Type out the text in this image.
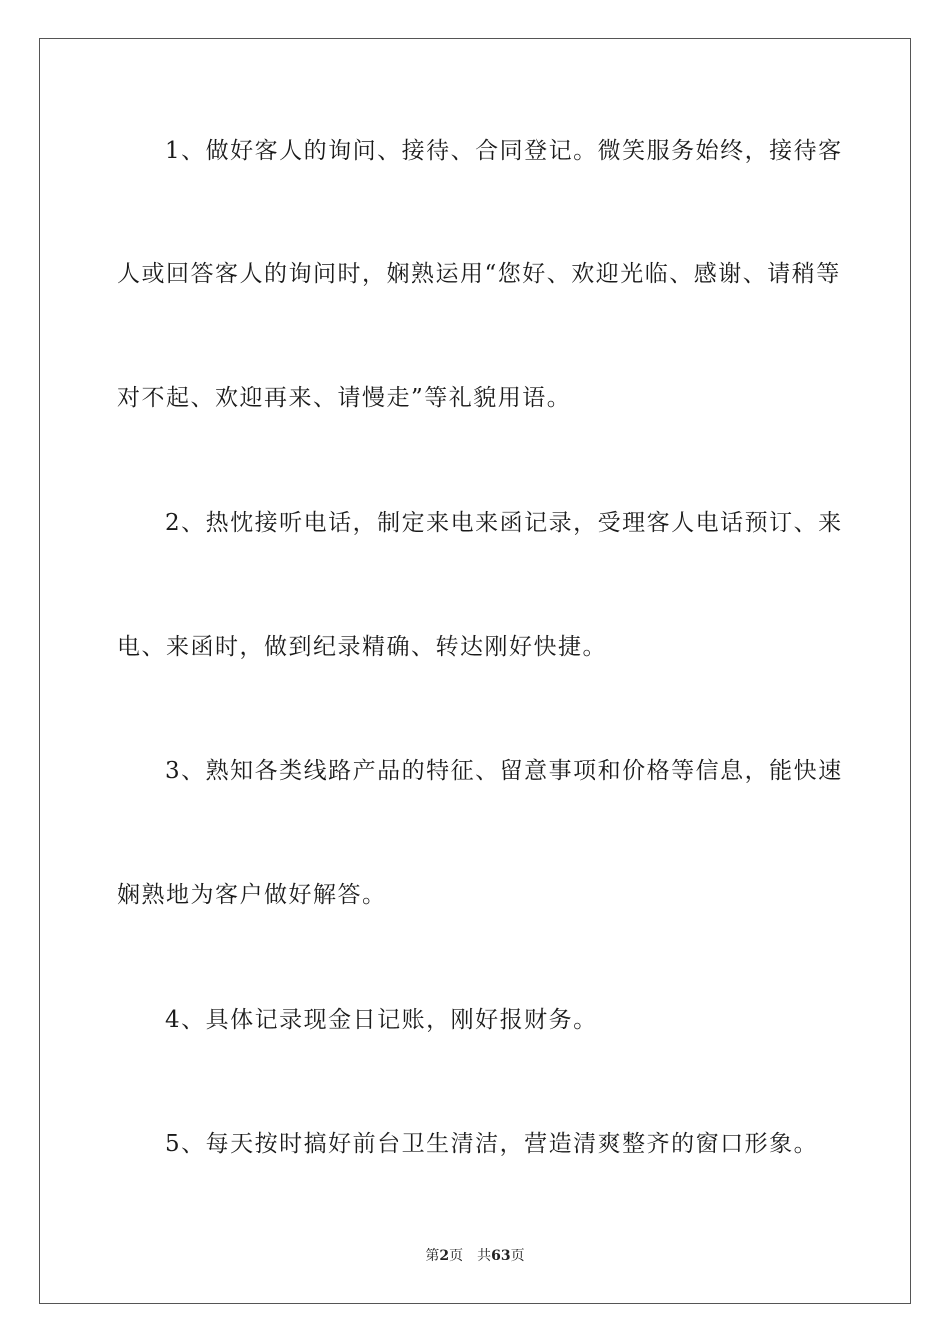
1、做好客人的询问、接待、合同登记。微笑服务始终，接待客
人或回答客人的询问时，娴熟运用“您好、欢迎光临、感谢、请稍等
对不起、欢迎再来、请慢走”等礼貌用语。
2、热忱接听电话，制定来电来函记录，受理客人电话预订、来
电、来函时，做到纪录精确、转达刚好快捷。
3、熟知各类线路产品的特征、留意事项和价格等信息，能快速
娴熟地为客户做好解答。
4、具体记录现金日记账，刚好报财务。
5、每天按时搞好前台卫生清洁，营造清爽整齐的窗口形象。
第2页 共63页
